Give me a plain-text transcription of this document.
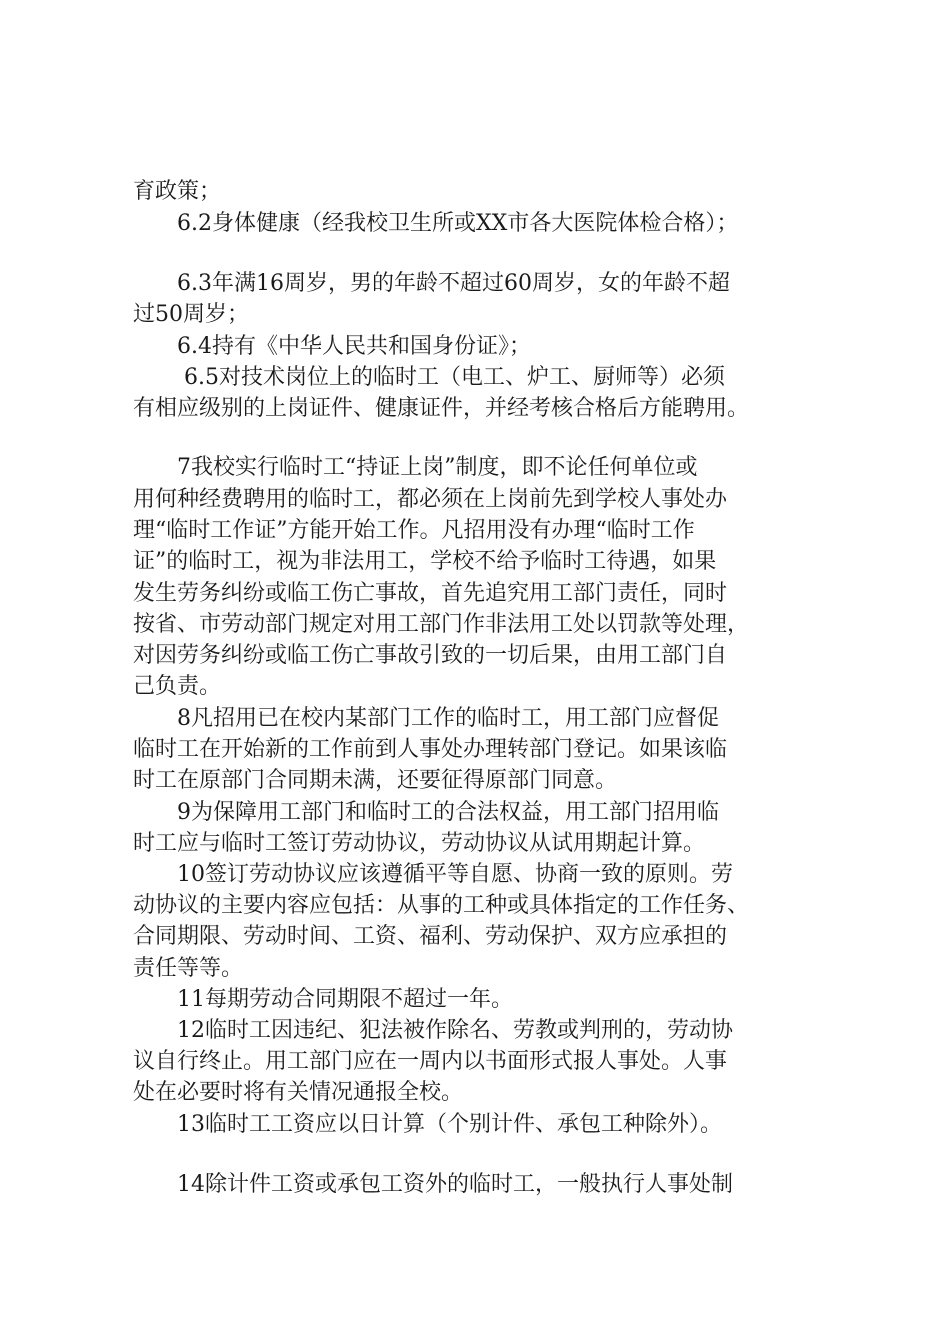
育政策；
6.2身体健康（经我校卫生所或XX市各大医院体检合格）；
6.3年满16周岁，男的年龄不超过60周岁，女的年龄不超
过50周岁；
6.4持有《中华人民共和国身份证》；
6.5对技术岗位上的临时工（电工、炉工、厨师等）必须
有相应级别的上岗证件、健康证件，并经考核合格后方能聘用。
7我校实行临时工“持证上岗”制度，即不论任何单位或
用何种经费聘用的临时工，都必须在上岗前先到学校人事处办
理“临时工作证”方能开始工作。凡招用没有办理“临时工作
证”的临时工，视为非法用工，学校不给予临时工待遇，如果
发生劳务纠纷或临工伤亡事故，首先追究用工部门责任，同时
按省、市劳动部门规定对用工部门作非法用工处以罚款等处理，
对因劳务纠纷或临工伤亡事故引致的一切后果，由用工部门自
己负责。
8凡招用已在校内某部门工作的临时工，用工部门应督促
临时工在开始新的工作前到人事处办理转部门登记。如果该临
时工在原部门合同期未满，还要征得原部门同意。
9为保障用工部门和临时工的合法权益，用工部门招用临
时工应与临时工签订劳动协议，劳动协议从试用期起计算。
10签订劳动协议应该遵循平等自愿、协商一致的原则。劳
动协议的主要内容应包括：从事的工种或具体指定的工作任务、
合同期限、劳动时间、工资、福利、劳动保护、双方应承担的
责任等等。
11每期劳动合同期限不超过一年。
12临时工因违纪、犯法被作除名、劳教或判刑的，劳动协
议自行终止。用工部门应在一周内以书面形式报人事处。人事
处在必要时将有关情况通报全校。
13临时工工资应以日计算（个别计件、承包工种除外）。
14除计件工资或承包工资外的临时工，一般执行人事处制
